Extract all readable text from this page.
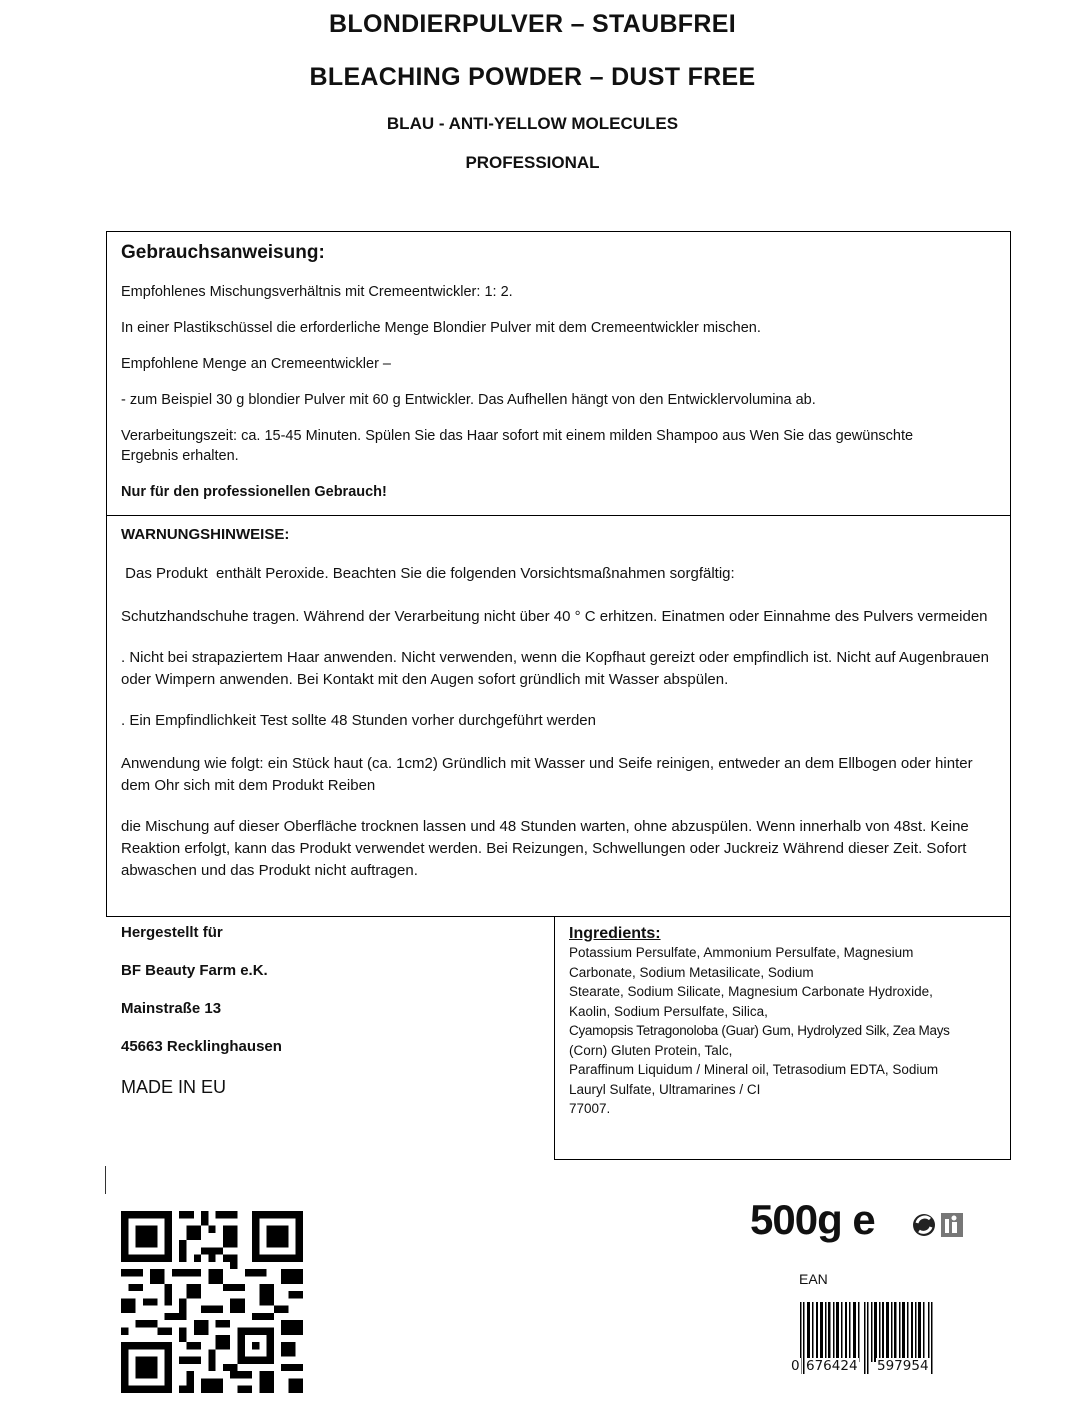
BLONDIERPULVER – STAUBFREI
BLEACHING POWDER – DUST FREE
BLAU - ANTI-YELLOW MOLECULES
PROFESSIONAL
Gebrauchsanweisung:
Empfohlenes Mischungsverhältnis mit Cremeentwickler: 1: 2.
In einer Plastikschüssel die erforderliche Menge Blondier Pulver mit dem Cremeentwickler mischen.
Empfohlene Menge an Cremeentwickler –
- zum Beispiel 30 g blondier Pulver mit 60 g Entwickler. Das Aufhellen hängt von den Entwicklervolumina ab.
Verarbeitungszeit: ca. 15-45 Minuten. Spülen Sie das Haar sofort mit einem milden Shampoo aus Wen Sie das gewünschte Ergebnis erhalten.
Nur für den professionellen Gebrauch!
WARNUNGSHINWEISE:
Das Produkt  enthält Peroxide. Beachten Sie die folgenden Vorsichtsmaßnahmen sorgfältig:
Schutzhandschuhe tragen. Während der Verarbeitung nicht über 40 ° C erhitzen. Einatmen oder Einnahme des Pulvers vermeiden
. Nicht bei strapaziertem Haar anwenden. Nicht verwenden, wenn die Kopfhaut gereizt oder empfindlich ist. Nicht auf Augenbrauen oder Wimpern anwenden. Bei Kontakt mit den Augen sofort gründlich mit Wasser abspülen.
. Ein Empfindlichkeit Test sollte 48 Stunden vorher durchgeführt werden
Anwendung wie folgt: ein Stück haut (ca. 1cm2) Gründlich mit Wasser und Seife reinigen, entweder an dem Ellbogen oder hinter dem Ohr sich mit dem Produkt Reiben
die Mischung auf dieser Oberfläche trocknen lassen und 48 Stunden warten, ohne abzuspülen. Wenn innerhalb von 48st. Keine Reaktion erfolgt, kann das Produkt verwendet werden. Bei Reizungen, Schwellungen oder Juckreiz Während dieser Zeit. Sofort abwaschen und das Produkt nicht auftragen.
Hergestellt für
BF Beauty Farm e.K.
Mainstraße 13
45663 Recklinghausen
MADE IN EU
Ingredients:
Potassium Persulfate, Ammonium Persulfate, Magnesium
Carbonate, Sodium Metasilicate, Sodium
Stearate, Sodium Silicate, Magnesium Carbonate Hydroxide,
Kaolin, Sodium Persulfate, Silica,
Cyamopsis Tetragonoloba (Guar) Gum, Hydrolyzed Silk, Zea Mays
(Corn) Gluten Protein, Talc,
Paraffinum Liquidum / Mineral oil, Tetrasodium EDTA, Sodium
Lauryl Sulfate, Ultramarines / CI
77007.
500g e
EAN
0 676424 597954
